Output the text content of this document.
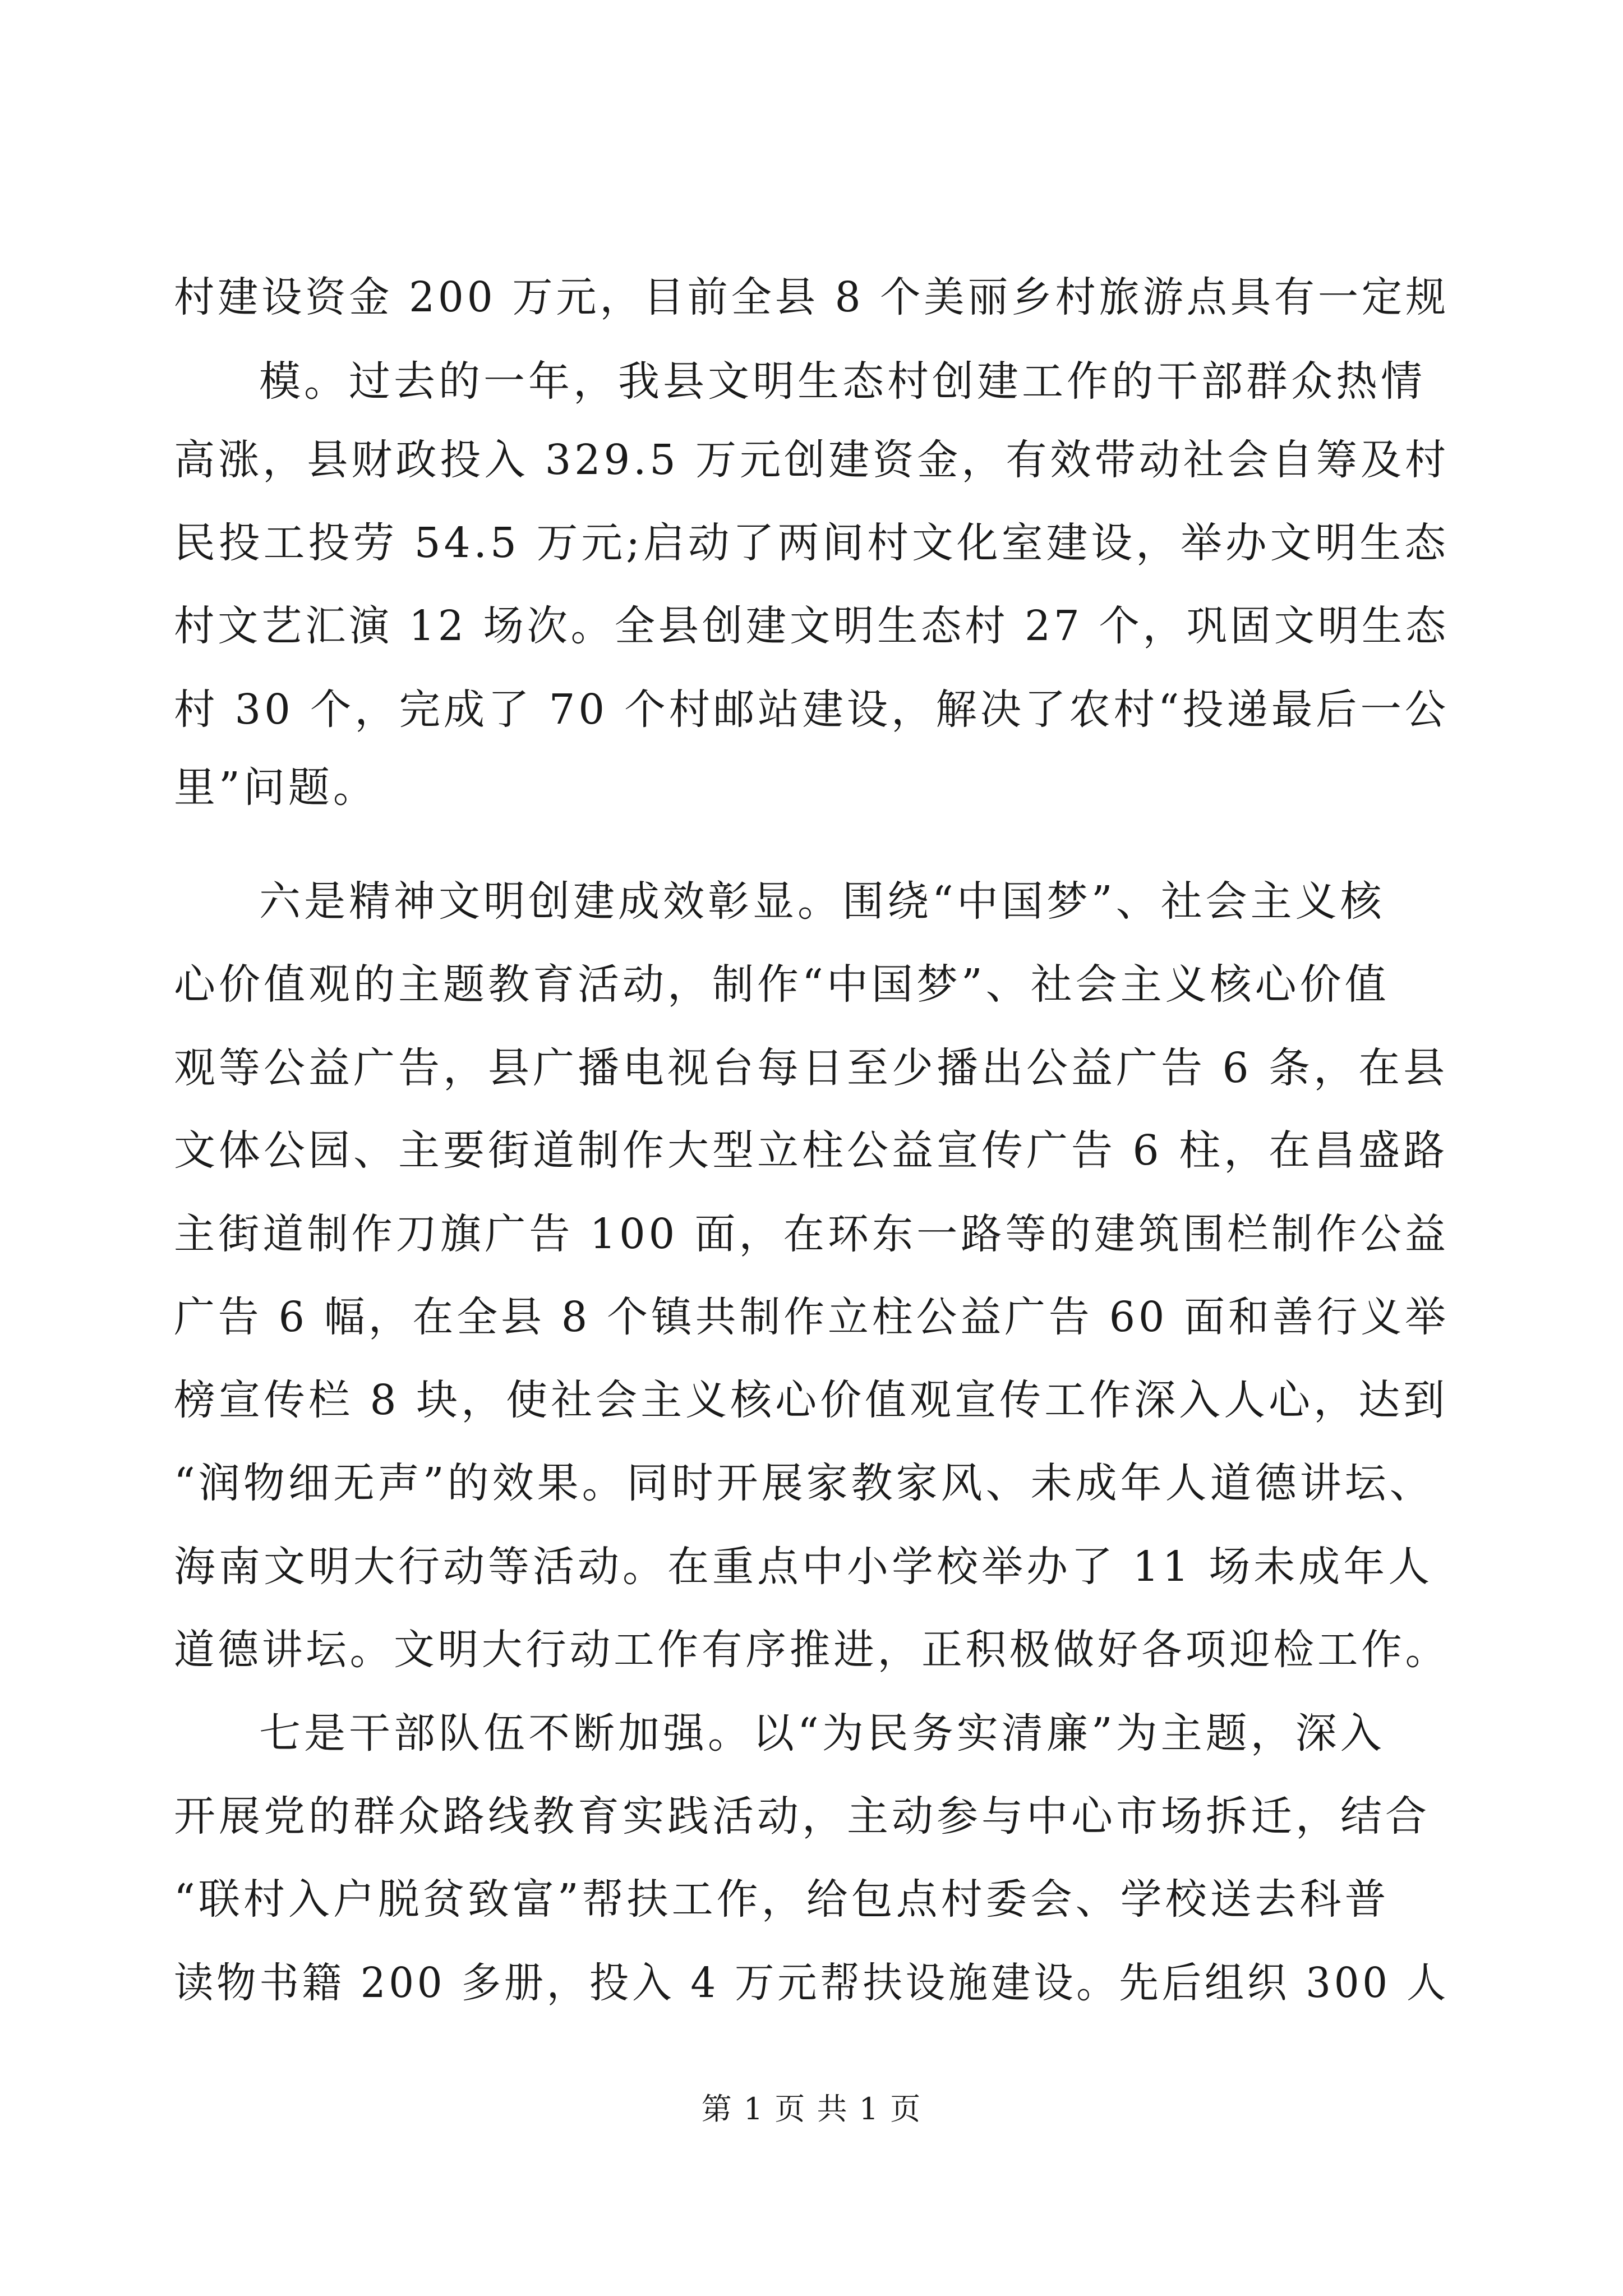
村建设资金 200 万元，目前全县 8 个美丽乡村旅游点具有一定规
模。过去的一年，我县文明生态村创建工作的干部群众热情
高涨，县财政投入 329.5 万元创建资金，有效带动社会自筹及村
民投工投劳 54.5 万元;启动了两间村文化室建设，举办文明生态
村文艺汇演 12 场次。全县创建文明生态村 27 个，巩固文明生态
村 30 个，完成了 70 个村邮站建设，解决了农村“投递最后一公
里”问题。
六是精神文明创建成效彰显。围绕“中国梦”、社会主义核
心价值观的主题教育活动，制作“中国梦”、社会主义核心价值
观等公益广告，县广播电视台每日至少播出公益广告 6 条，在县
文体公园、主要街道制作大型立柱公益宣传广告 6 柱，在昌盛路
主街道制作刀旗广告 100 面，在环东一路等的建筑围栏制作公益
广告 6 幅，在全县 8 个镇共制作立柱公益广告 60 面和善行义举
榜宣传栏 8 块，使社会主义核心价值观宣传工作深入人心，达到
“润物细无声”的效果。同时开展家教家风、未成年人道德讲坛、
海南文明大行动等活动。在重点中小学校举办了 11 场未成年人
道德讲坛。文明大行动工作有序推进，正积极做好各项迎检工作。
七是干部队伍不断加强。以“为民务实清廉”为主题，深入
开展党的群众路线教育实践活动，主动参与中心市场拆迁，结合
“联村入户脱贫致富”帮扶工作，给包点村委会、学校送去科普
读物书籍 200 多册，投入 4 万元帮扶设施建设。先后组织 300 人
第 1 页 共 1 页
